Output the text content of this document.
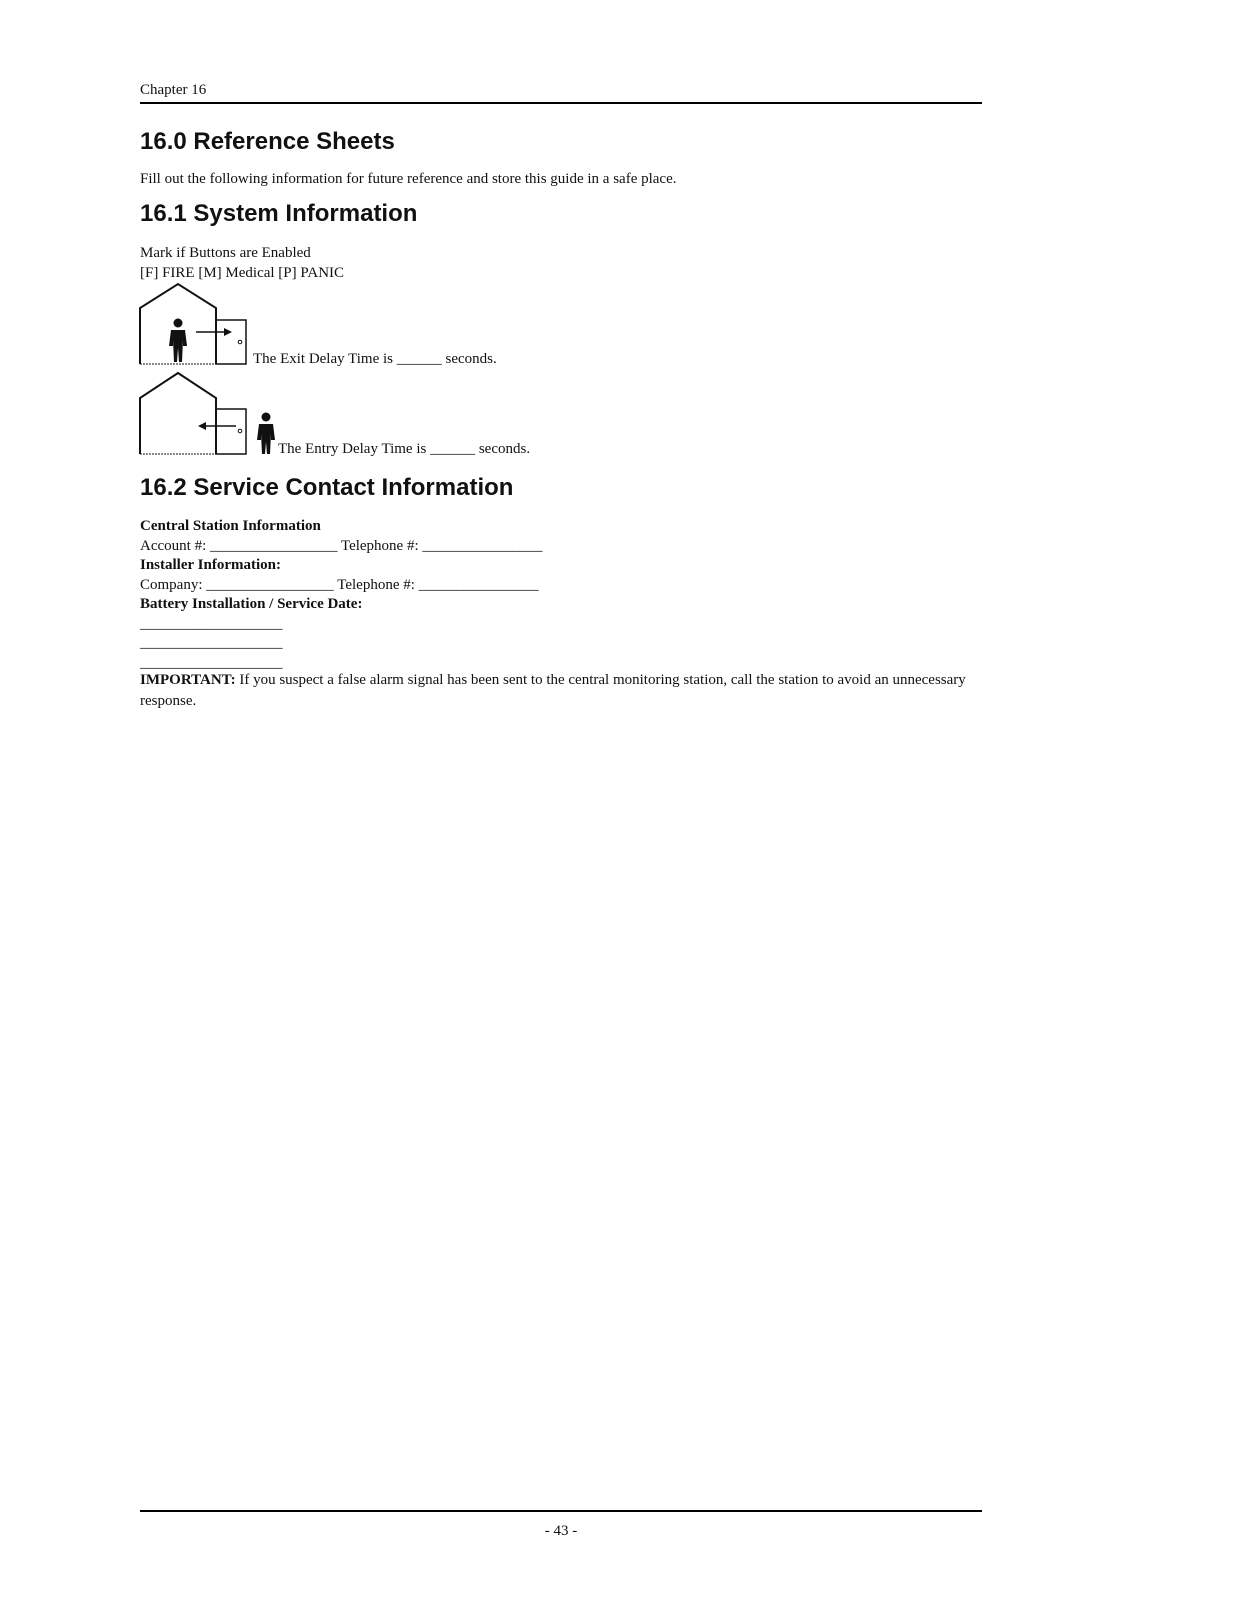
Chapter 16
16.0 Reference Sheets
Fill out the following information for future reference and store this guide in a safe place.
16.1 System Information
Mark if Buttons are Enabled
[F] FIRE [M] Medical [P] PANIC
The Exit Delay Time is ______ seconds.
The Entry Delay Time is ______ seconds.
16.2 Service Contact Information
Central Station Information
Account #: _________________ Telephone #: ________________
Installer Information:
Company: _________________ Telephone #: ________________
Battery Installation / Service Date:
___________________
___________________
___________________
IMPORTANT: If you suspect a false alarm signal has been sent to the central monitoring station, call the station to avoid an unnecessary response.
- 43 -
